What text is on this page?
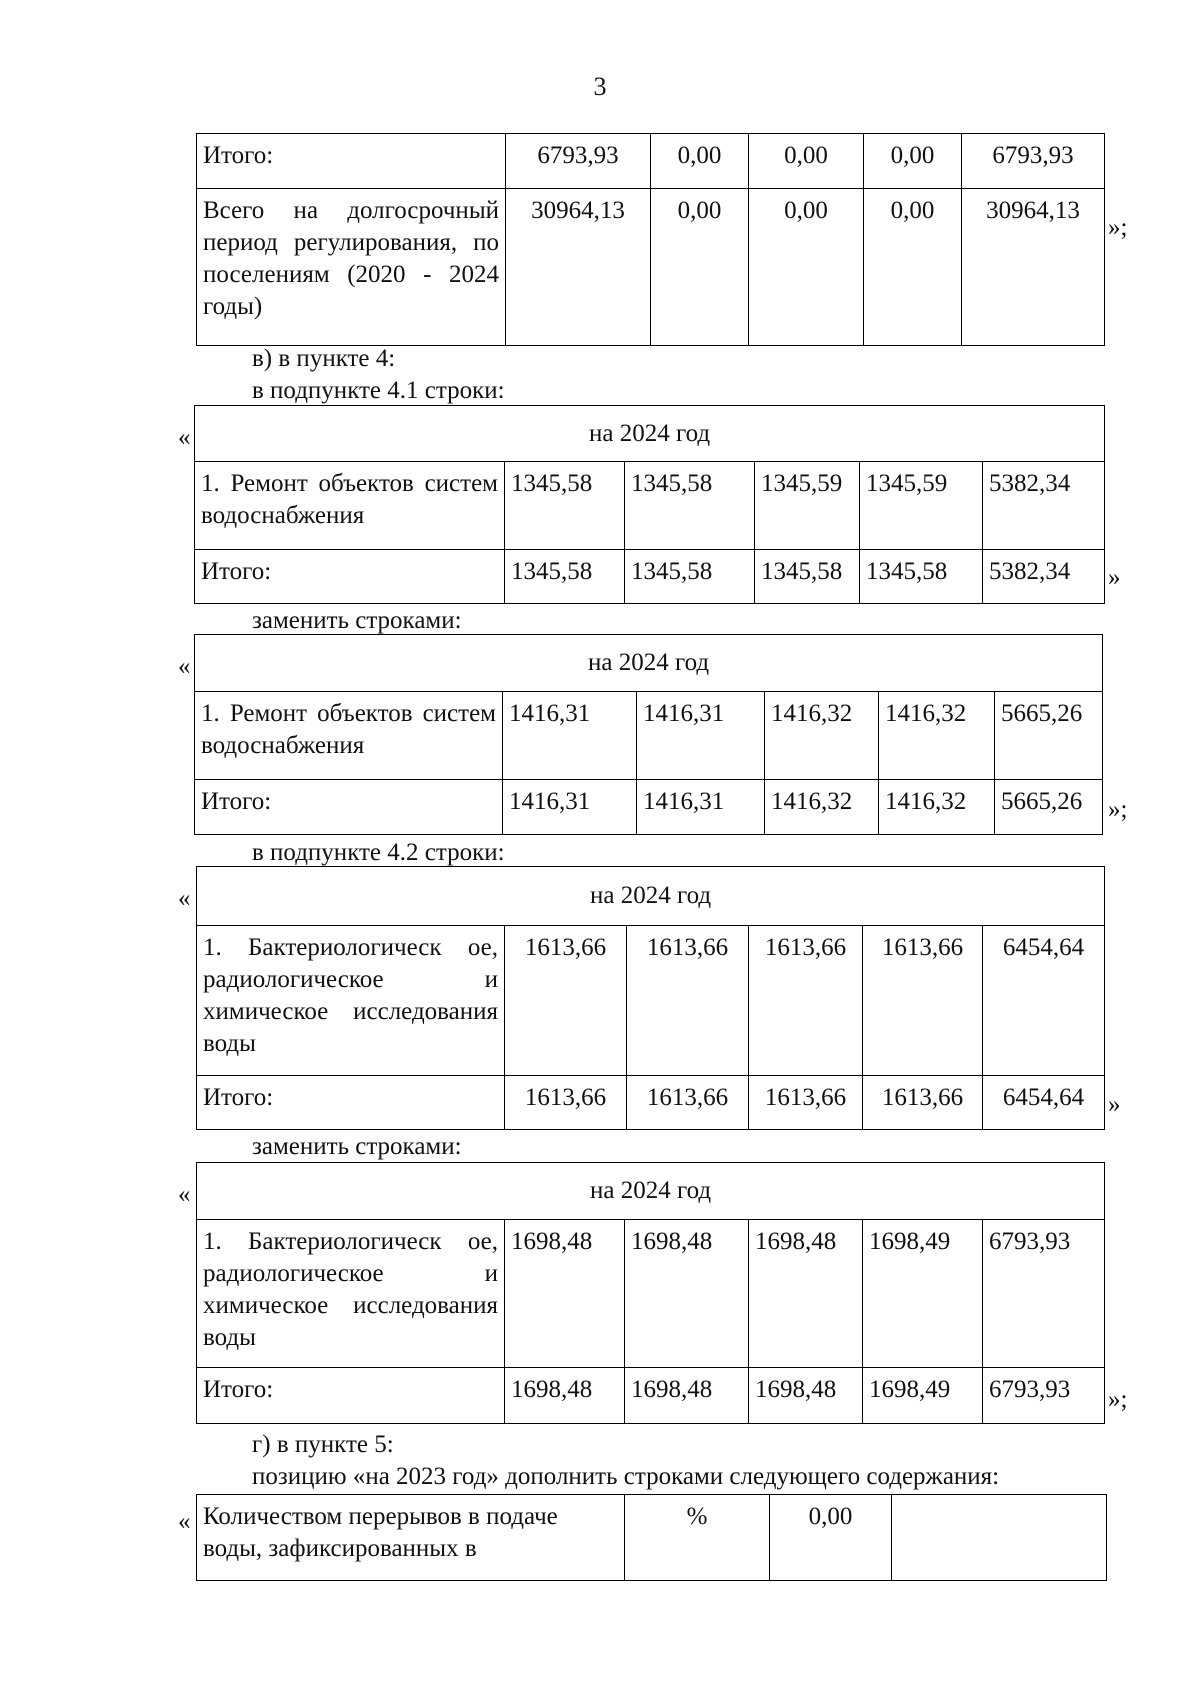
3
Итого:	6793,93	0,00	0,00	0,00	6793,93
Всего на долгосрочный период регулирования, по поселениям (2020 - 2024 годы)	30964,13	0,00	0,00	0,00	30964,13
»;
в) в пункте 4:
в подпункте 4.1 строки:
«	на 2024 год					
1. Ремонт объектов систем водоснабжения	1345,58	1345,58	1345,59	1345,59	5382,34
Итого:	1345,58	1345,58	1345,58	1345,58	5382,34 »
заменить строками:
«	на 2024 год					
1. Ремонт объектов систем водоснабжения	1416,31	1416,31	1416,32	1416,32	5665,26
Итого:	1416,31	1416,31	1416,32	1416,32	5665,26 »;
в подпункте 4.2 строки:
«	на 2024 год					
1. Бактериологическ ое, радиологическое и химическое исследования воды	1613,66	1613,66	1613,66	1613,66	6454,64
Итого:	1613,66	1613,66	1613,66	1613,66	6454,64 »
заменить строками:
«	на 2024 год					
1. Бактериологическ ое, радиологическое и химическое исследования воды	1698,48	1698,48	1698,48	1698,49	6793,93
Итого:	1698,48	1698,48	1698,48	1698,49	6793,93 »;
г) в пункте 5:
позицию «на 2023 год» дополнить строками следующего содержания:
« Количеством перерывов в подаче воды, зафиксированных в	%	0,00	
